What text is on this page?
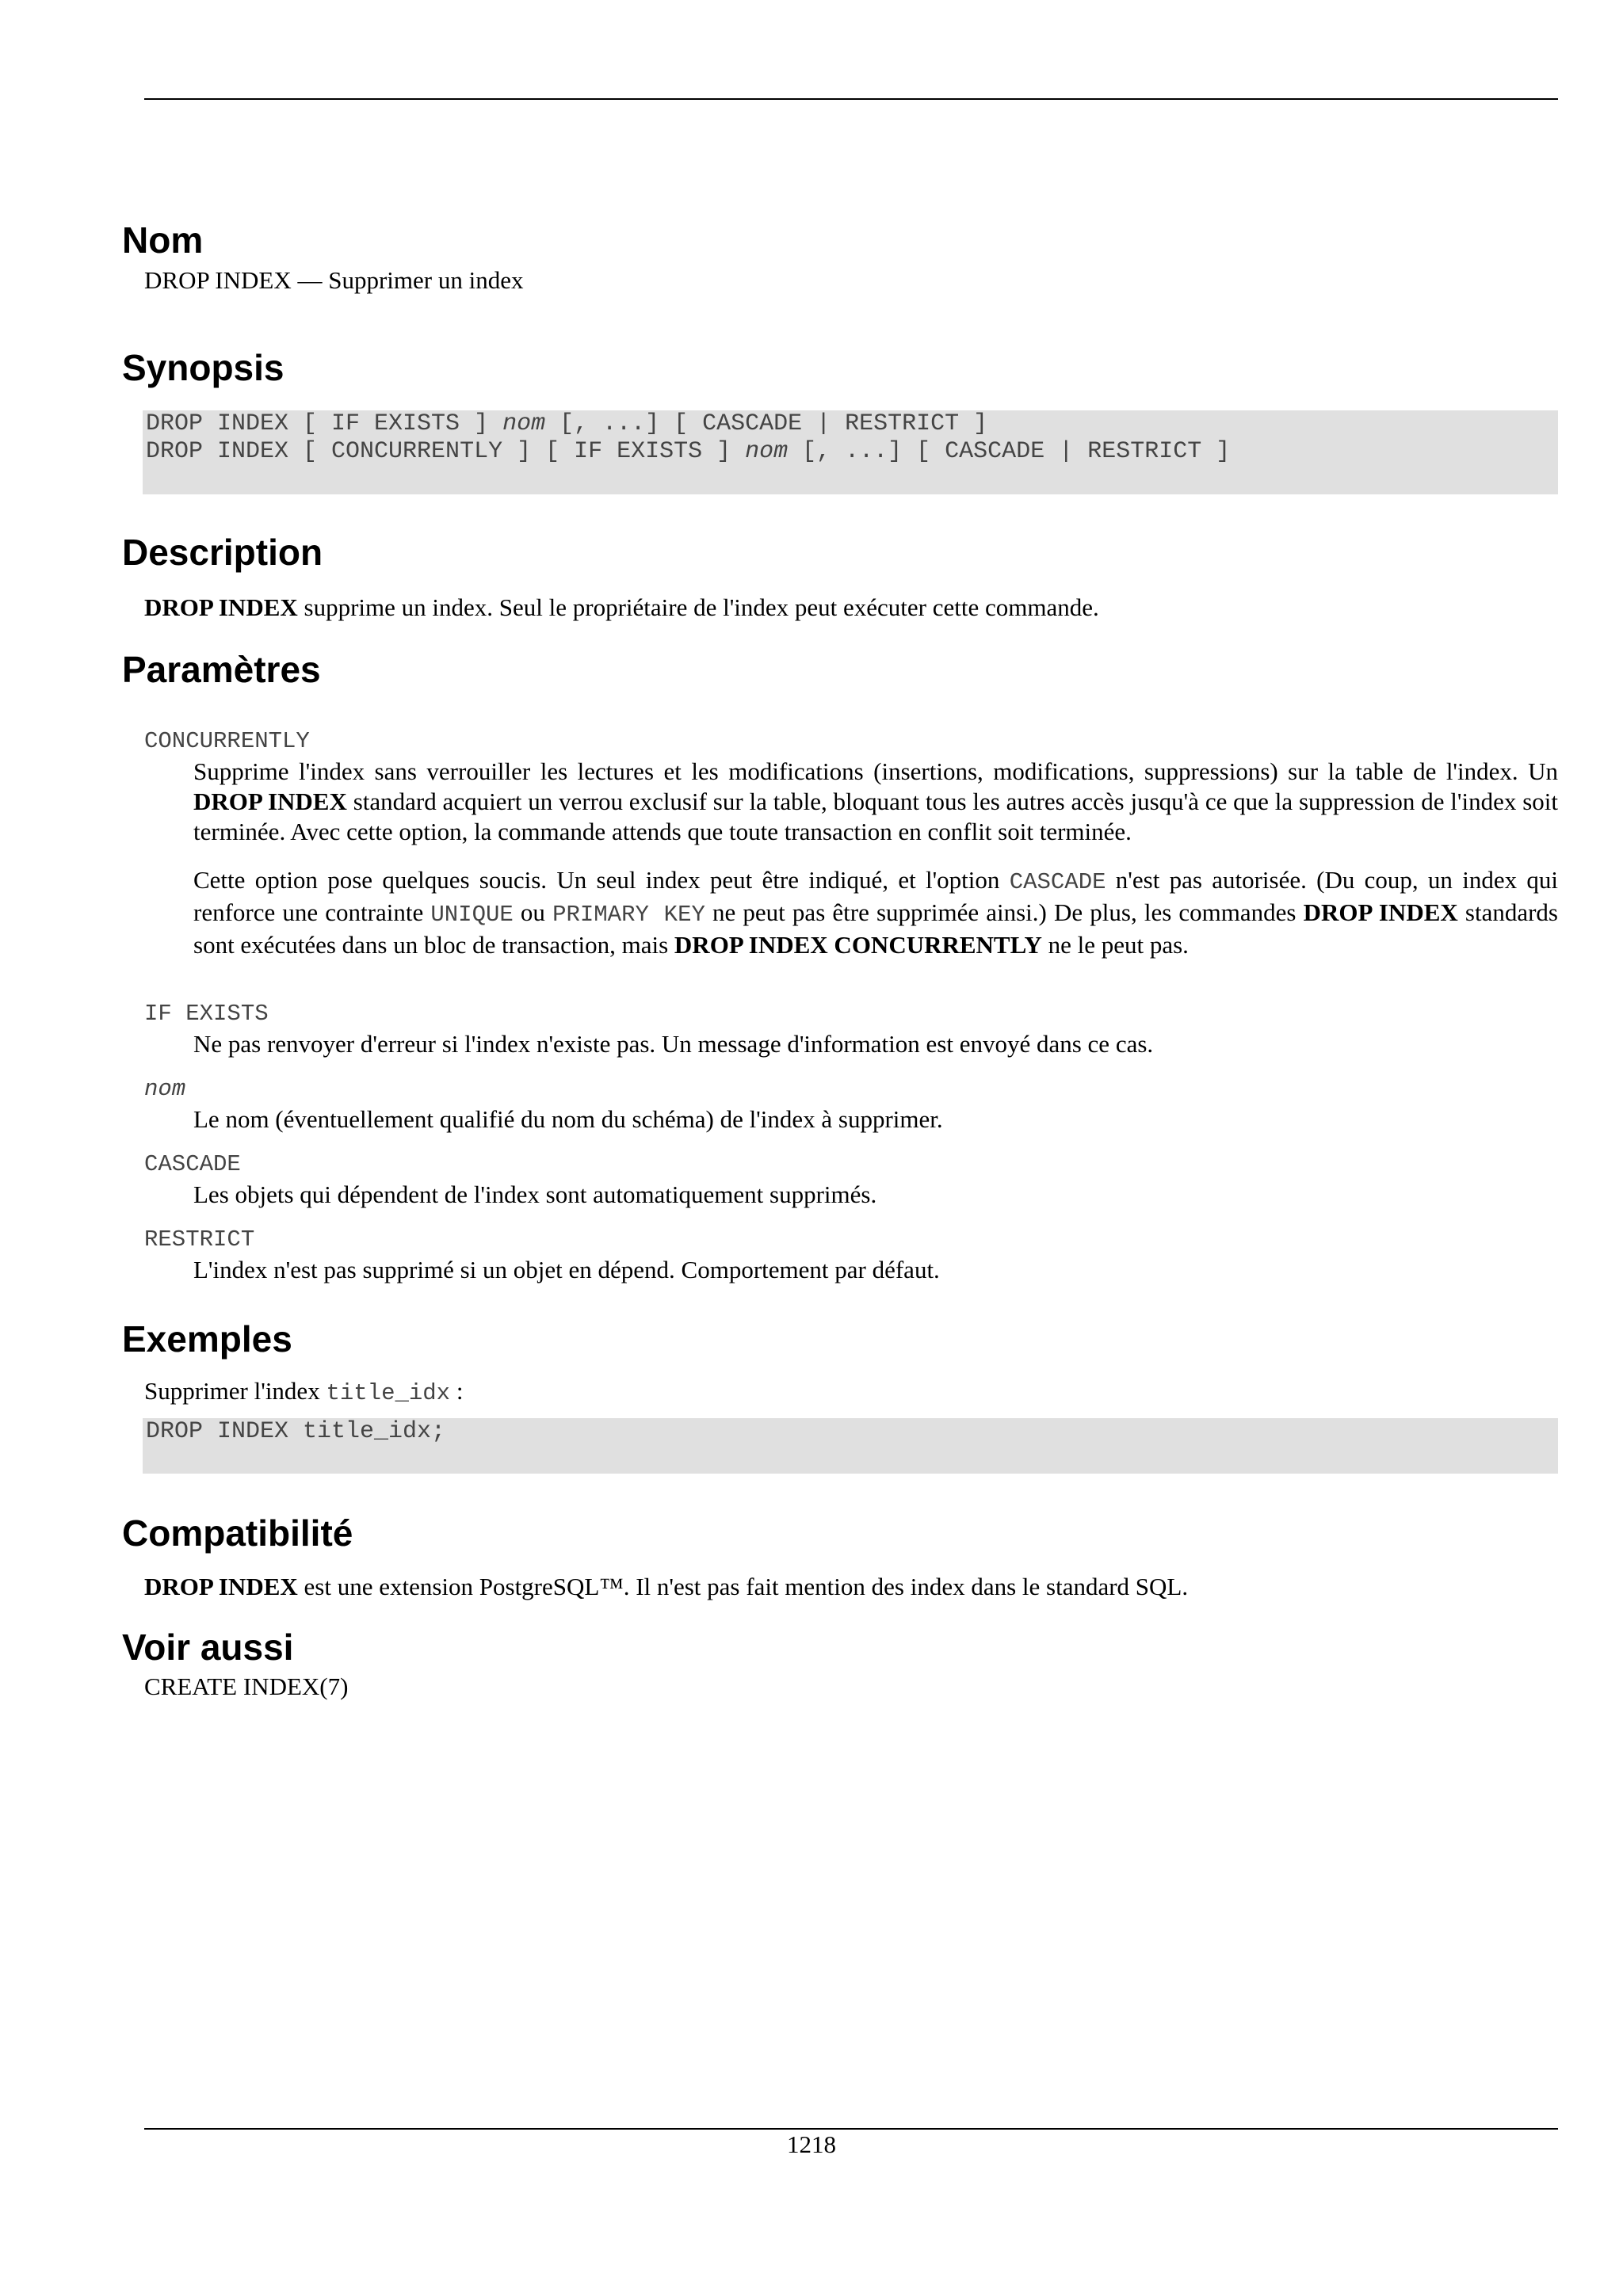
Nom

DROP INDEX — Supprimer un index

Synopsis
DROP INDEX [ IF EXISTS ] nom [, ...] [ CASCADE | RESTRICT ]
DROP INDEX [ CONCURRENTLY ] [ IF EXISTS ] nom [, ...] [ CASCADE | RESTRICT ]
Description

DROP INDEX supprime un index. Seul le propriétaire de l'index peut exécuter cette commande.

Paramètres
CONCURRENTLY

Supprime l'index sans verrouiller les lectures et les modifications (insertions, modifications, suppressions) sur la table de l'index. Un DROP INDEX standard acquiert un verrou exclusif sur la table, bloquant tous les autres accès jusqu'à ce que la suppression de l'index soit terminée. Avec cette option, la commande attends que toute transaction en conflit soit terminée.

Cette option pose quelques soucis. Un seul index peut être indiqué, et l'option CASCADE n'est pas autorisée. (Du coup, un index qui renforce une contrainte UNIQUE ou PRIMARY KEY ne peut pas être supprimée ainsi.) De plus, les commandes DROP INDEX standards sont exécutées dans un bloc de transaction, mais DROP INDEX CONCURRENTLY ne le peut pas.

IF EXISTS

Ne pas renvoyer d'erreur si l'index n'existe pas. Un message d'information est envoyé dans ce cas.

nom

Le nom (éventuellement qualifié du nom du schéma) de l'index à supprimer.

CASCADE

Les objets qui dépendent de l'index sont automatiquement supprimés.

RESTRICT

L'index n'est pas supprimé si un objet en dépend. Comportement par défaut.

Exemples

Supprimer l'index title_idx :

DROP INDEX title_idx;
Compatibilité

DROP INDEX est une extension PostgreSQL™. Il n'est pas fait mention des index dans le standard SQL.

Voir aussi

CREATE INDEX(7)

1218
